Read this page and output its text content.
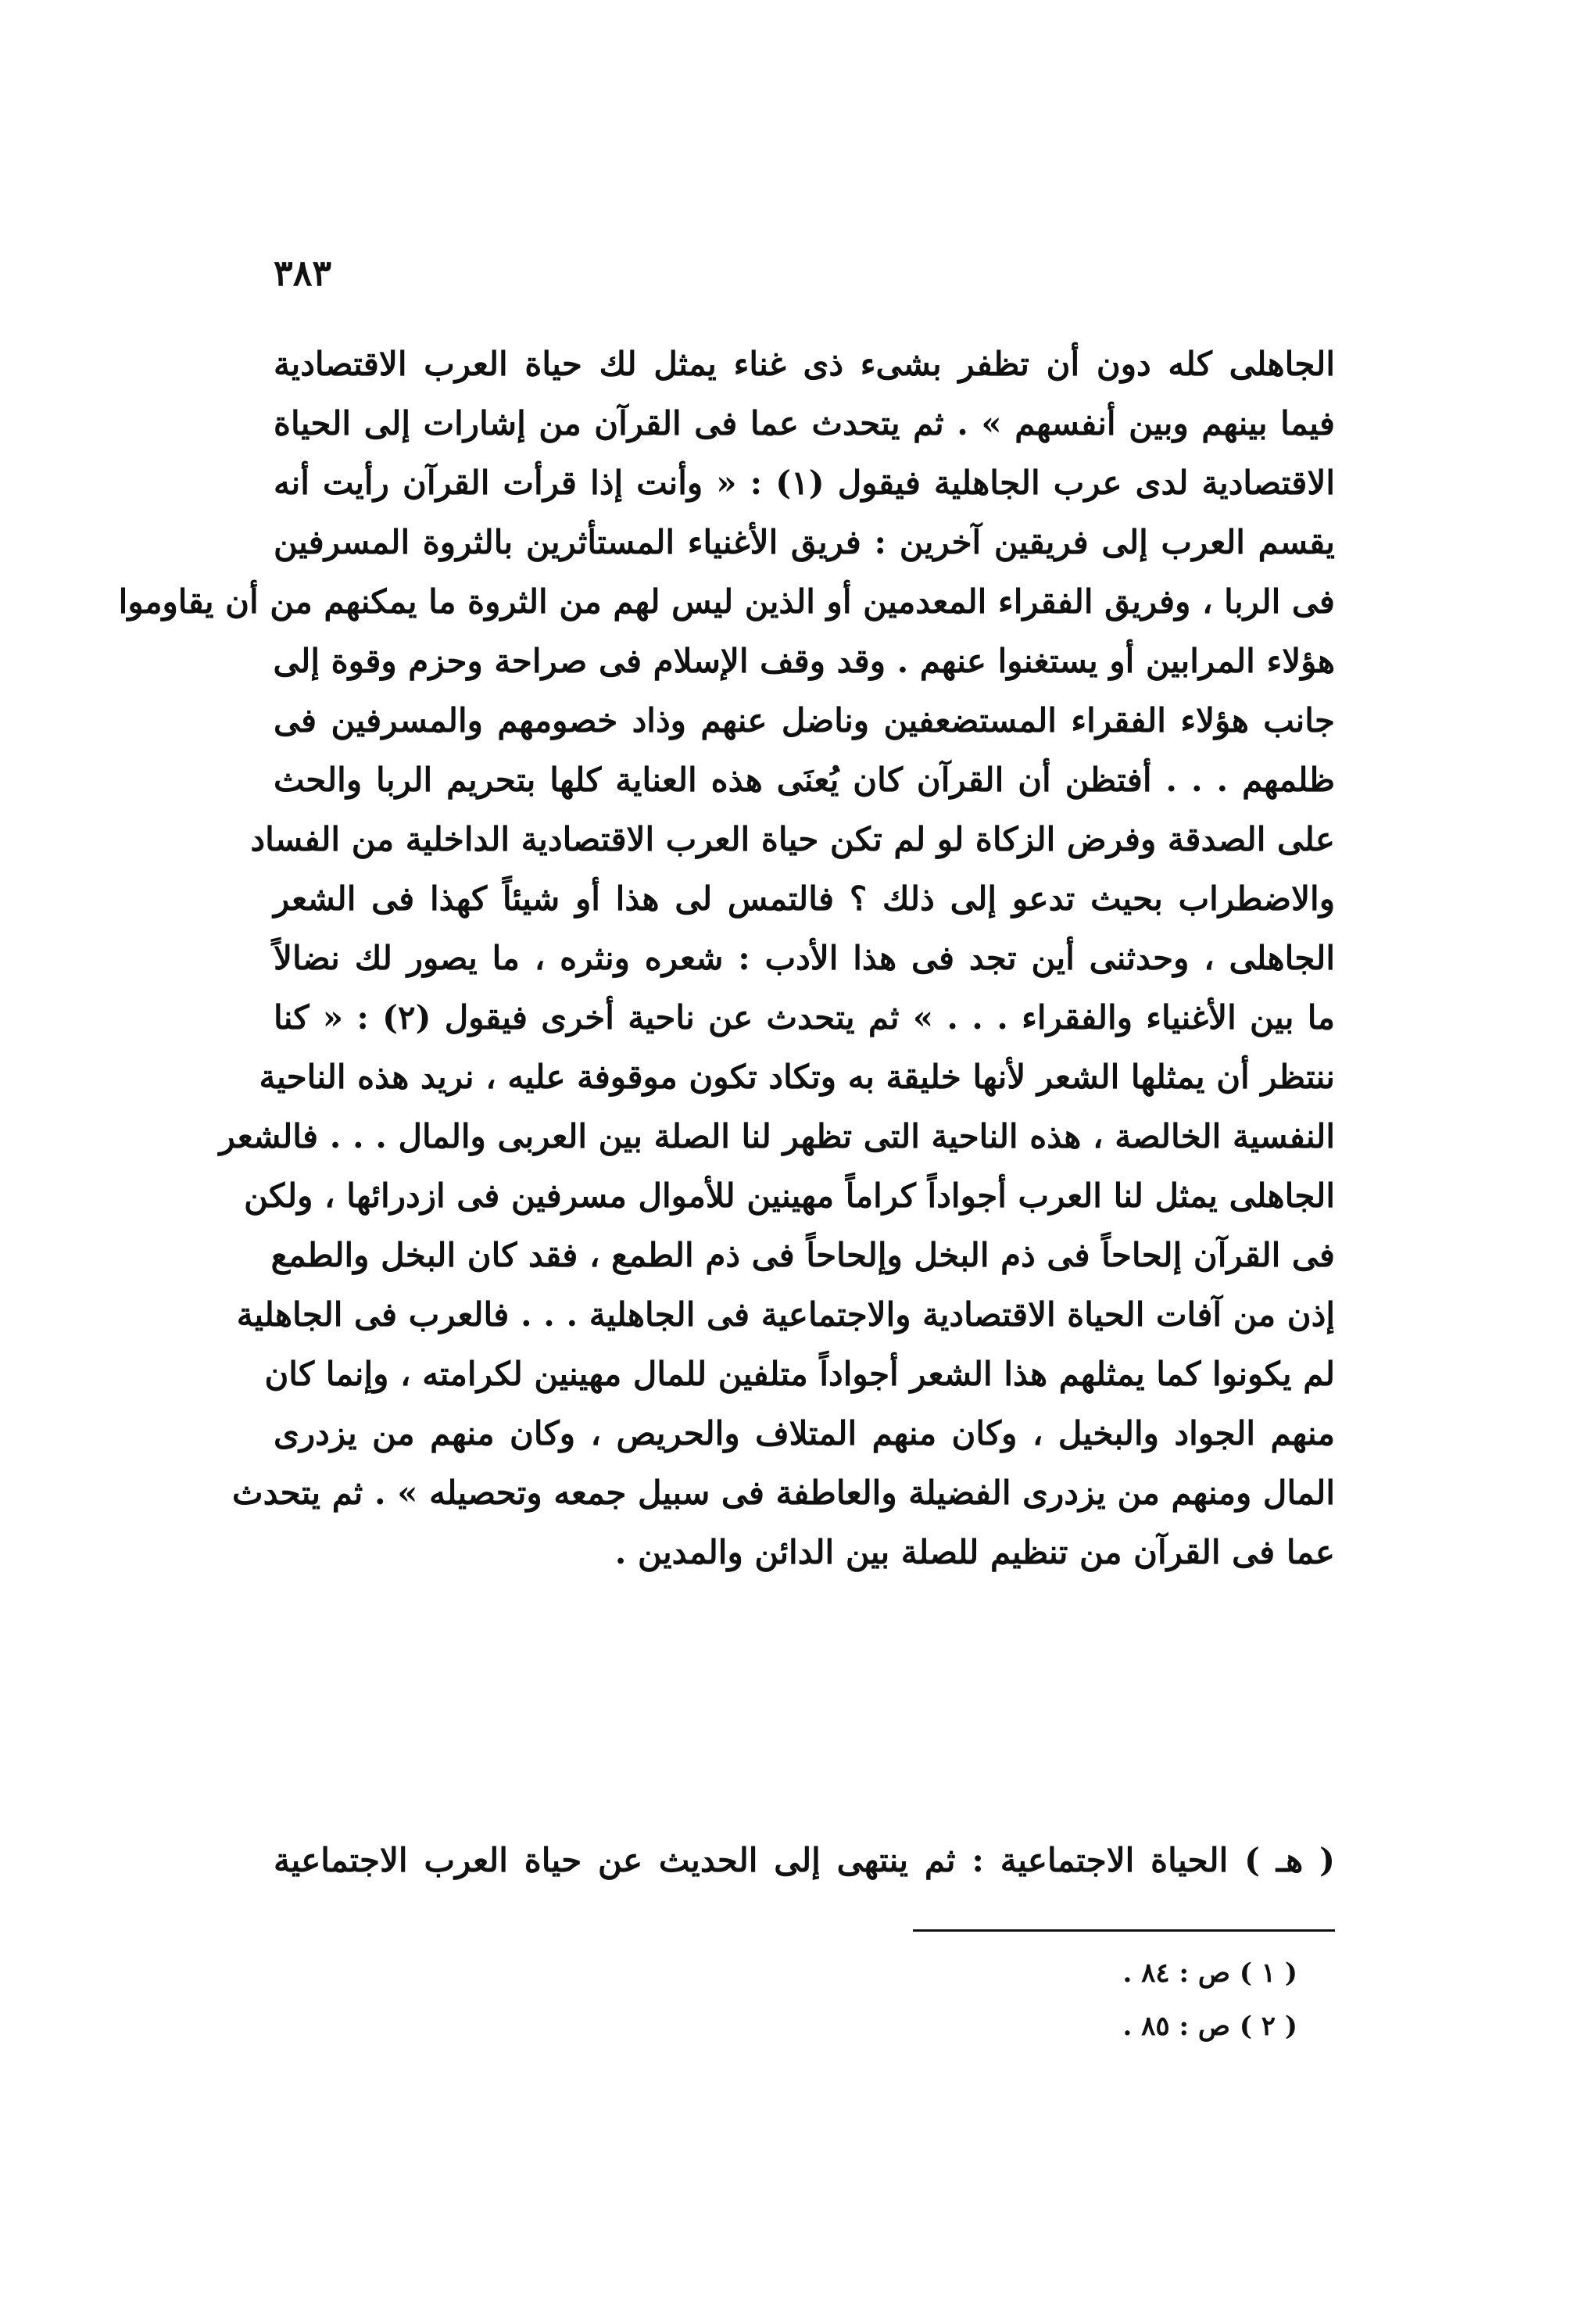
٣٨٣
الجاهلى كله دون أن تظفر بشىء ذى غناء يمثل لك حياة العرب الاقتصادية
فيما بينهم وبين أنفسهم » . ثم يتحدث عما فى القرآن من إشارات إلى الحياة
الاقتصادية لدى عرب الجاهلية فيقول (١) : « وأنت إذا قرأت القرآن رأيت أنه
يقسم العرب إلى فريقين آخرين : فريق الأغنياء المستأثرين بالثروة المسرفين
فى الربا ، وفريق الفقراء المعدمين أو الذين ليس لهم من الثروة ما يمكنهم من أن يقاوموا
هؤلاء المرابين أو يستغنوا عنهم . وقد وقف الإسلام فى صراحة وحزم وقوة إلى
جانب هؤلاء الفقراء المستضعفين وناضل عنهم وذاد خصومهم والمسرفين فى
ظلمهم . . . أفتظن أن القرآن كان يُعنَى هذه العناية كلها بتحريم الربا والحث
على الصدقة وفرض الزكاة لو لم تكن حياة العرب الاقتصادية الداخلية من الفساد
والاضطراب بحيث تدعو إلى ذلك ؟ فالتمس لى هذا أو شيئاً كهذا فى الشعر
الجاهلى ، وحدثنى أين تجد فى هذا الأدب : شعره ونثره ، ما يصور لك نضالاً
ما بين الأغنياء والفقراء . . . » ثم يتحدث عن ناحية أخرى فيقول (٢) : « كنا
ننتظر أن يمثلها الشعر لأنها خليقة به وتكاد تكون موقوفة عليه ، نريد هذه الناحية
النفسية الخالصة ، هذه الناحية التى تظهر لنا الصلة بين العربى والمال . . . فالشعر
الجاهلى يمثل لنا العرب أجواداً كراماً مهينين للأموال مسرفين فى ازدرائها ، ولكن
فى القرآن إلحاحاً فى ذم البخل وإلحاحاً فى ذم الطمع ، فقد كان البخل والطمع
إذن من آفات الحياة الاقتصادية والاجتماعية فى الجاهلية . . . فالعرب فى الجاهلية
لم يكونوا كما يمثلهم هذا الشعر أجواداً متلفين للمال مهينين لكرامته ، وإنما كان
منهم الجواد والبخيل ، وكان منهم المتلاف والحريص ، وكان منهم من يزدرى
المال ومنهم من يزدرى الفضيلة والعاطفة فى سبيل جمعه وتحصيله » . ثم يتحدث
عما فى القرآن من تنظيم للصلة بين الدائن والمدين .
( هـ ) الحياة الاجتماعية : ثم ينتهى إلى الحديث عن حياة العرب الاجتماعية
( ١ ) ص : ٨٤ .
( ٢ ) ص : ٨٥ .
